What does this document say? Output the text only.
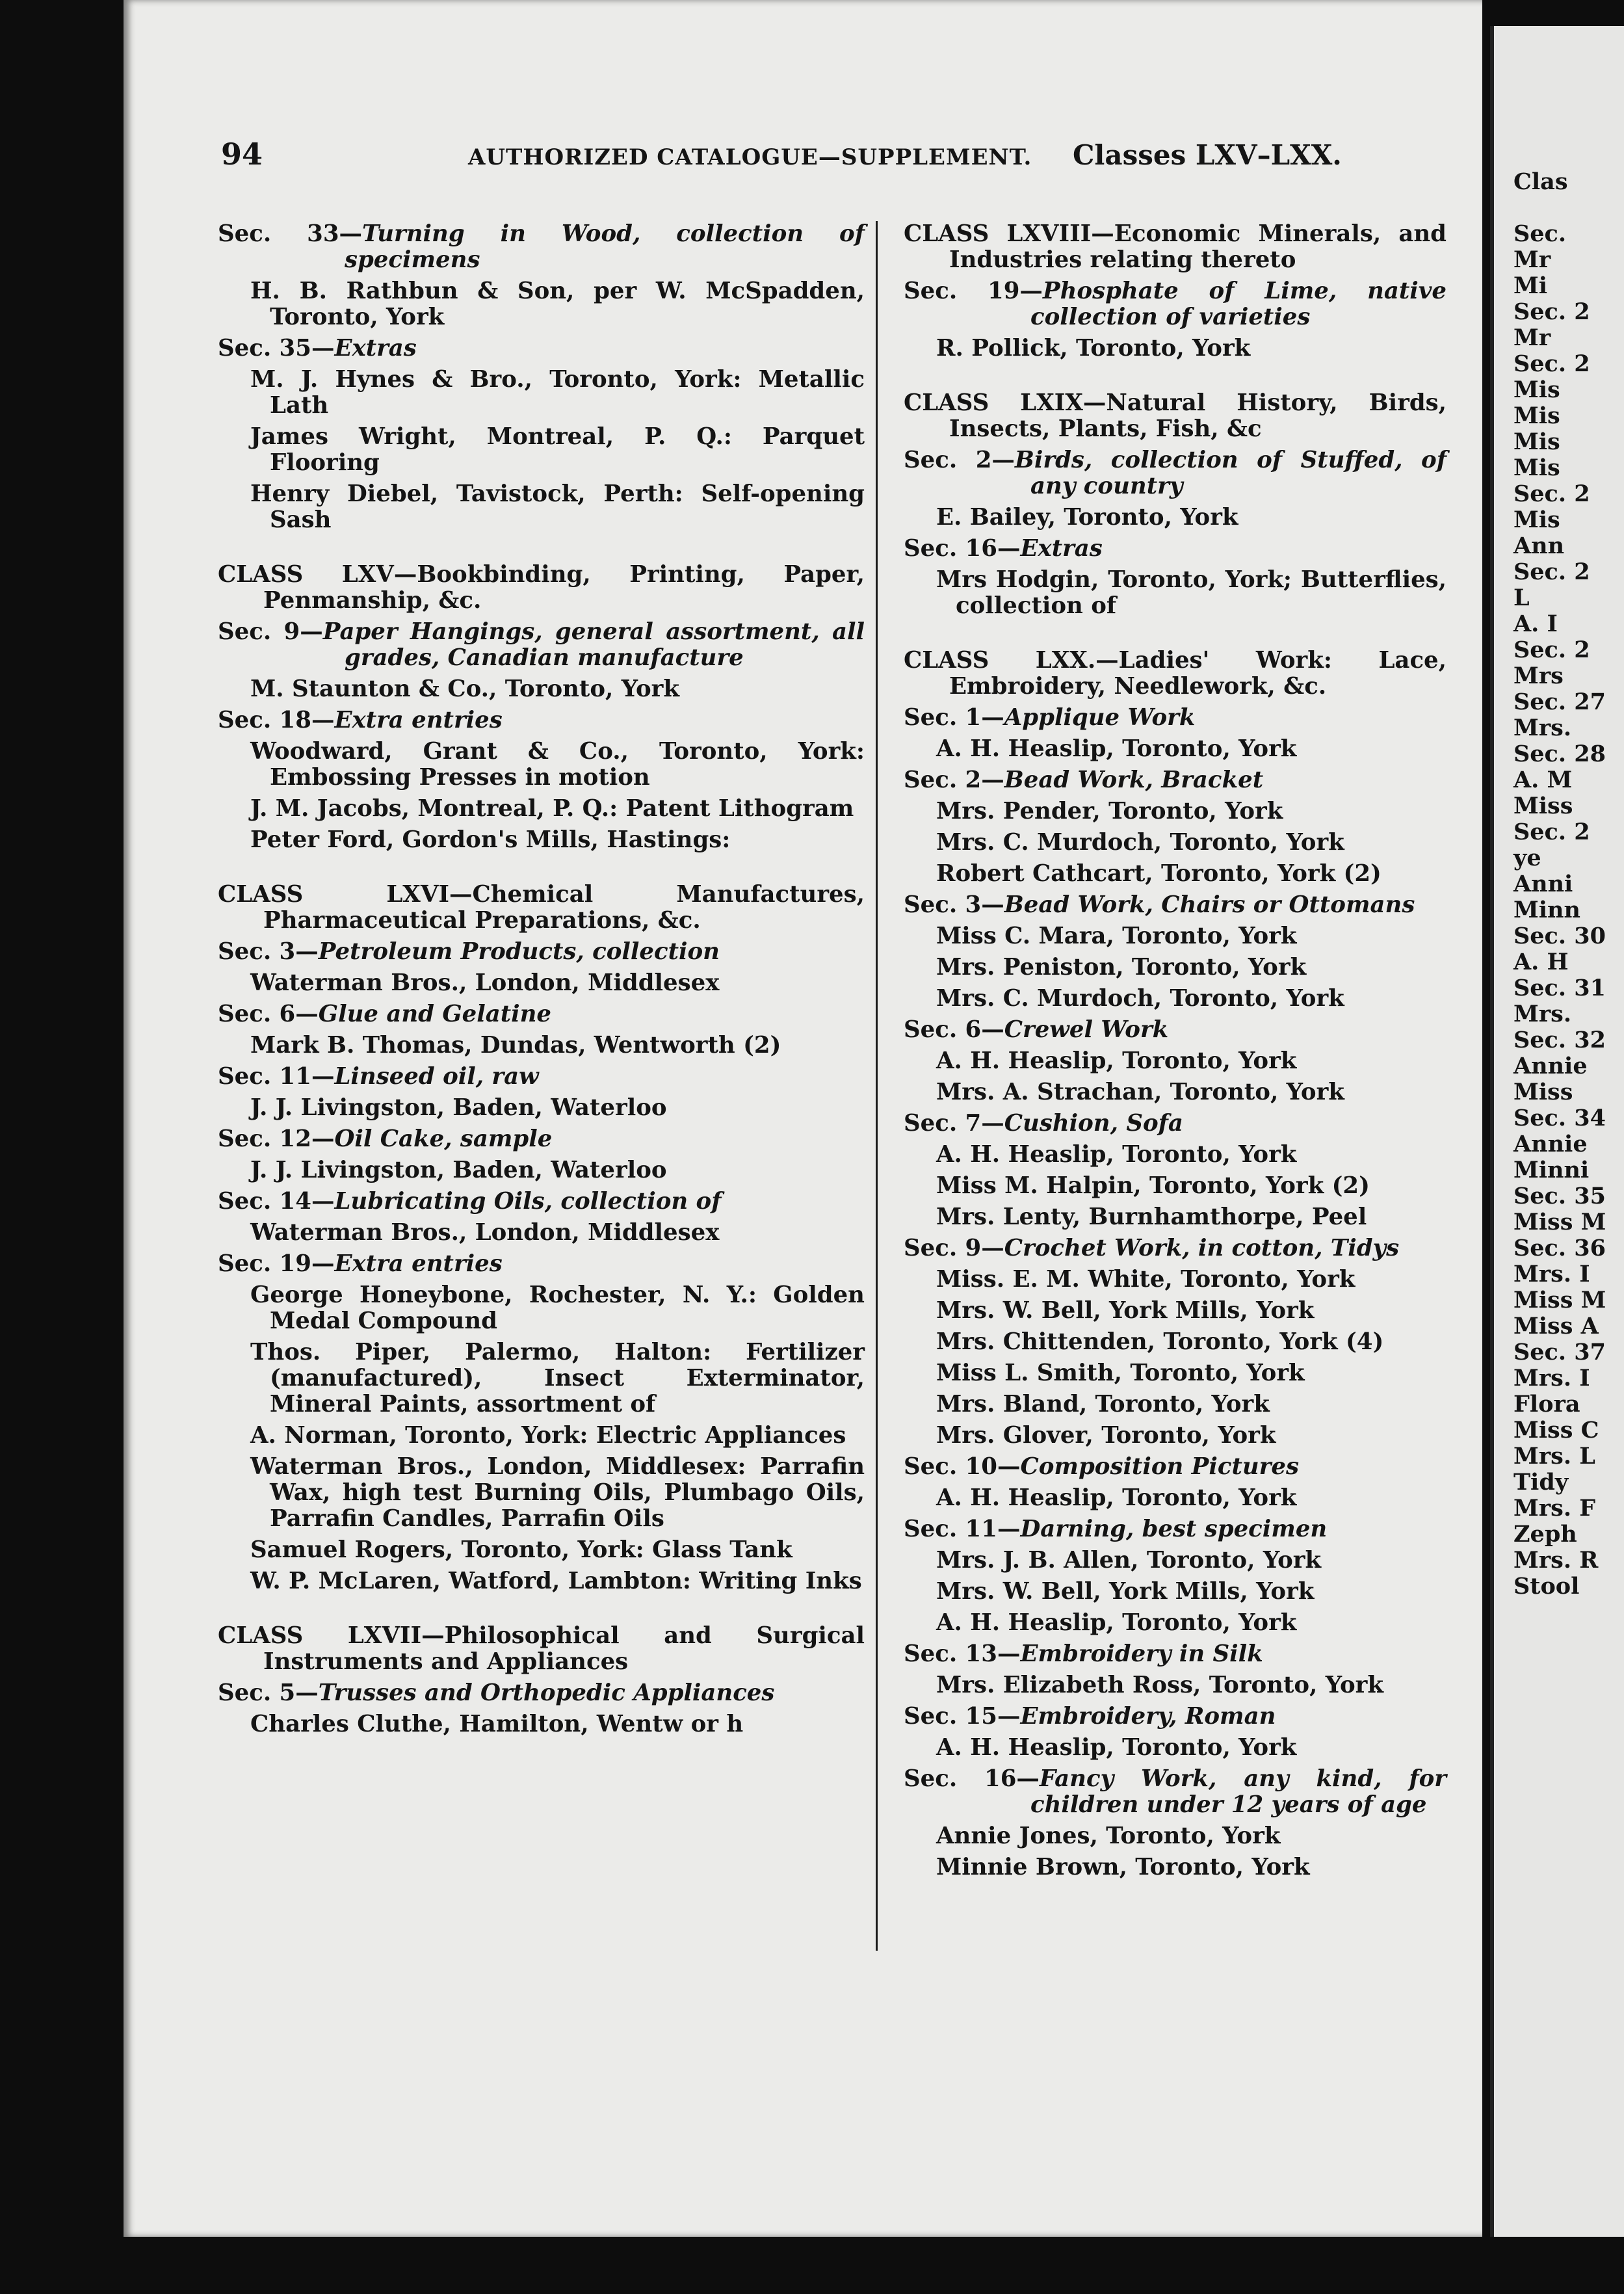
94	AUTHORIZED CATALOGUE—SUPPLEMENT. Classes LXV–LXX.
Sec. 33—Turning in Wood, collection of specimens
H. B. Rathbun & Son, per W. McSpadden, Toronto, York
Sec. 35—Extras
M. J. Hynes & Bro., Toronto, York: Metallic Lath
James Wright, Montreal, P. Q.: Parquet Flooring
Henry Diebel, Tavistock, Perth: Self-opening Sash
CLASS LXV—Bookbinding, Printing, Paper, Penmanship, &c.
Sec. 9—Paper Hangings, general assortment, all grades, Canadian manufacture
M. Staunton & Co., Toronto, York
Sec. 18—Extra entries
Woodward, Grant & Co., Toronto, York: Embossing Presses in motion
J. M. Jacobs, Montreal, P. Q.: Patent Lithogram
Peter Ford, Gordon's Mills, Hastings:
CLASS LXVI—Chemical Manufactures, Pharmaceutical Preparations, &c.
Sec. 3—Petroleum Products, collection
Waterman Bros., London, Middlesex
Sec. 6—Glue and Gelatine
Mark B. Thomas, Dundas, Wentworth (2)
Sec. 11—Linseed oil, raw
J. J. Livingston, Baden, Waterloo
Sec. 12—Oil Cake, sample
J. J. Livingston, Baden, Waterloo
Sec. 14—Lubricating Oils, collection of
Waterman Bros., London, Middlesex
Sec. 19—Extra entries
George Honeybone, Rochester, N. Y.: Golden Medal Compound
Thos. Piper, Palermo, Halton: Fertilizer (manufactured), Insect Exterminator, Mineral Paints, assortment of
A. Norman, Toronto, York: Electric Appliances
Waterman Bros., London, Middlesex: Parrafin Wax, high test Burning Oils, Plumbago Oils, Parrafin Candles, Parrafin Oils
Samuel Rogers, Toronto, York: Glass Tank
W. P. McLaren, Watford, Lambton: Writing Inks
CLASS LXVII—Philosophical and Surgical Instruments and Appliances
Sec. 5—Trusses and Orthopedic Appliances
Charles Cluthe, Hamilton, Wentw or h
CLASS LXVIII—Economic Minerals, and Industries relating thereto
Sec. 19—Phosphate of Lime, native collection of varieties
R. Pollick, Toronto, York
CLASS LXIX—Natural History, Birds, Insects, Plants, Fish, &c
Sec. 2—Birds, collection of Stuffed, of any country
E. Bailey, Toronto, York
Sec. 16—Extras
Mrs Hodgin, Toronto, York; Butterflies, collection of
CLASS LXX.—Ladies' Work: Lace, Embroidery, Needlework, &c.
Sec. 1—Applique Work
A. H. Heaslip, Toronto, York
Sec. 2—Bead Work, Bracket
Mrs. Pender, Toronto, York
Mrs. C. Murdoch, Toronto, York
Robert Cathcart, Toronto, York (2)
Sec. 3—Bead Work, Chairs or Ottomans
Miss C. Mara, Toronto, York
Mrs. Peniston, Toronto, York
Mrs. C. Murdoch, Toronto, York
Sec. 6—Crewel Work
A. H. Heaslip, Toronto, York
Mrs. A. Strachan, Toronto, York
Sec. 7—Cushion, Sofa
A. H. Heaslip, Toronto, York
Miss M. Halpin, Toronto, York (2)
Mrs. Lenty, Burnhamthorpe, Peel
Sec. 9—Crochet Work, in cotton, Tidys
Miss. E. M. White, Toronto, York
Mrs. W. Bell, York Mills, York
Mrs. Chittenden, Toronto, York (4)
Miss L. Smith, Toronto, York
Mrs. Bland, Toronto, York
Mrs. Glover, Toronto, York
Sec. 10—Composition Pictures
A. H. Heaslip, Toronto, York
Sec. 11—Darning, best specimen
Mrs. J. B. Allen, Toronto, York
Mrs. W. Bell, York Mills, York
A. H. Heaslip, Toronto, York
Sec. 13—Embroidery in Silk
Mrs. Elizabeth Ross, Toronto, York
Sec. 15—Embroidery, Roman
A. H. Heaslip, Toronto, York
Sec. 16—Fancy Work, any kind, for children under 12 years of age
Annie Jones, Toronto, York
Minnie Brown, Toronto, York
Clas
Sec.
Mr
Mi
Sec. 2
Mr
Sec. 2
Mis
Mis
Mis
Mis
Sec. 2
Mis
Ann
Sec. 2
L
A. I
Sec. 2
Mrs
Sec. 27
Mrs.
Sec. 28
A. M
Miss
Sec. 2
ye
Anni
Minn
Sec. 30
A. H
Sec. 31
Mrs.
Sec. 32
Annie
Miss
Sec. 34
Annie
Minni
Sec. 35
Miss M
Sec. 36
Mrs. I
Miss M
Miss A
Sec. 37
Mrs. I
Flora
Miss C
Mrs. L
Tidy
Mrs. F
Zeph
Mrs. R
Stool
